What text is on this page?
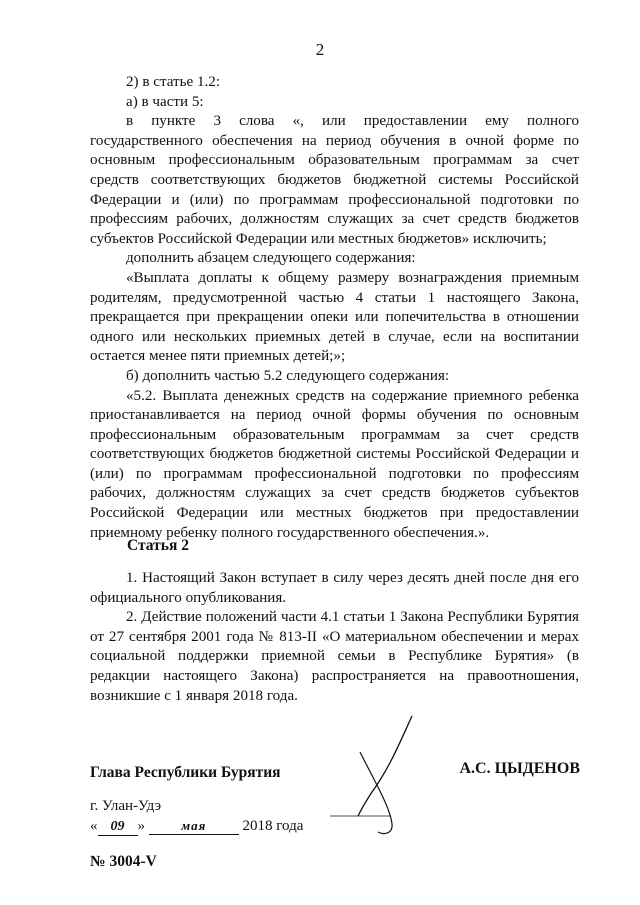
2

2) в статье 1.2:

а) в части 5:

в пункте 3 слова «, или предоставлении ему полного государственного обеспечения на период обучения в очной форме по основным профессиональным образовательным программам за счет средств соответствующих бюджетов бюджетной системы Российской Федерации и (или) по программам профессиональной подготовки по профессиям рабочих, должностям служащих за счет средств бюджетов субъектов Российской Федерации или местных бюджетов» исключить;

дополнить абзацем следующего содержания:

«Выплата доплаты к общему размеру вознаграждения приемным родителям, предусмотренной частью 4 статьи 1 настоящего Закона, прекращается при прекращении опеки или попечительства в отношении одного или нескольких приемных детей в случае, если на воспитании остается менее пяти приемных детей;»;

б) дополнить частью 5.2 следующего содержания:

«5.2. Выплата денежных средств на содержание приемного ребенка приостанавливается на период очной формы обучения по основным профессиональным образовательным программам за счет средств соответствующих бюджетов бюджетной системы Российской Федерации и (или) по программам профессиональной подготовки по профессиям рабочих, должностям служащих за счет средств бюджетов субъектов Российской Федерации или местных бюджетов при предоставлении приемному ребенку полного государственного обеспечения.».

Статья 2

1. Настоящий Закон вступает в силу через десять дней после дня его официального опубликования.

2. Действие положений части 4.1 статьи 1 Закона Республики Бурятия от 27 сентября 2001 года № 813-II «О материальном обеспечении и мерах социальной поддержки приемной семьи в Республике Бурятия» (в редакции настоящего Закона) распространяется на правоотношения, возникшие с 1 января 2018 года.

Глава Республики Бурятия	А.С. ЦЫДЕНОВ
г. Улан-Удэ
« 09 »	мая 2018 года
№ 3004-V
